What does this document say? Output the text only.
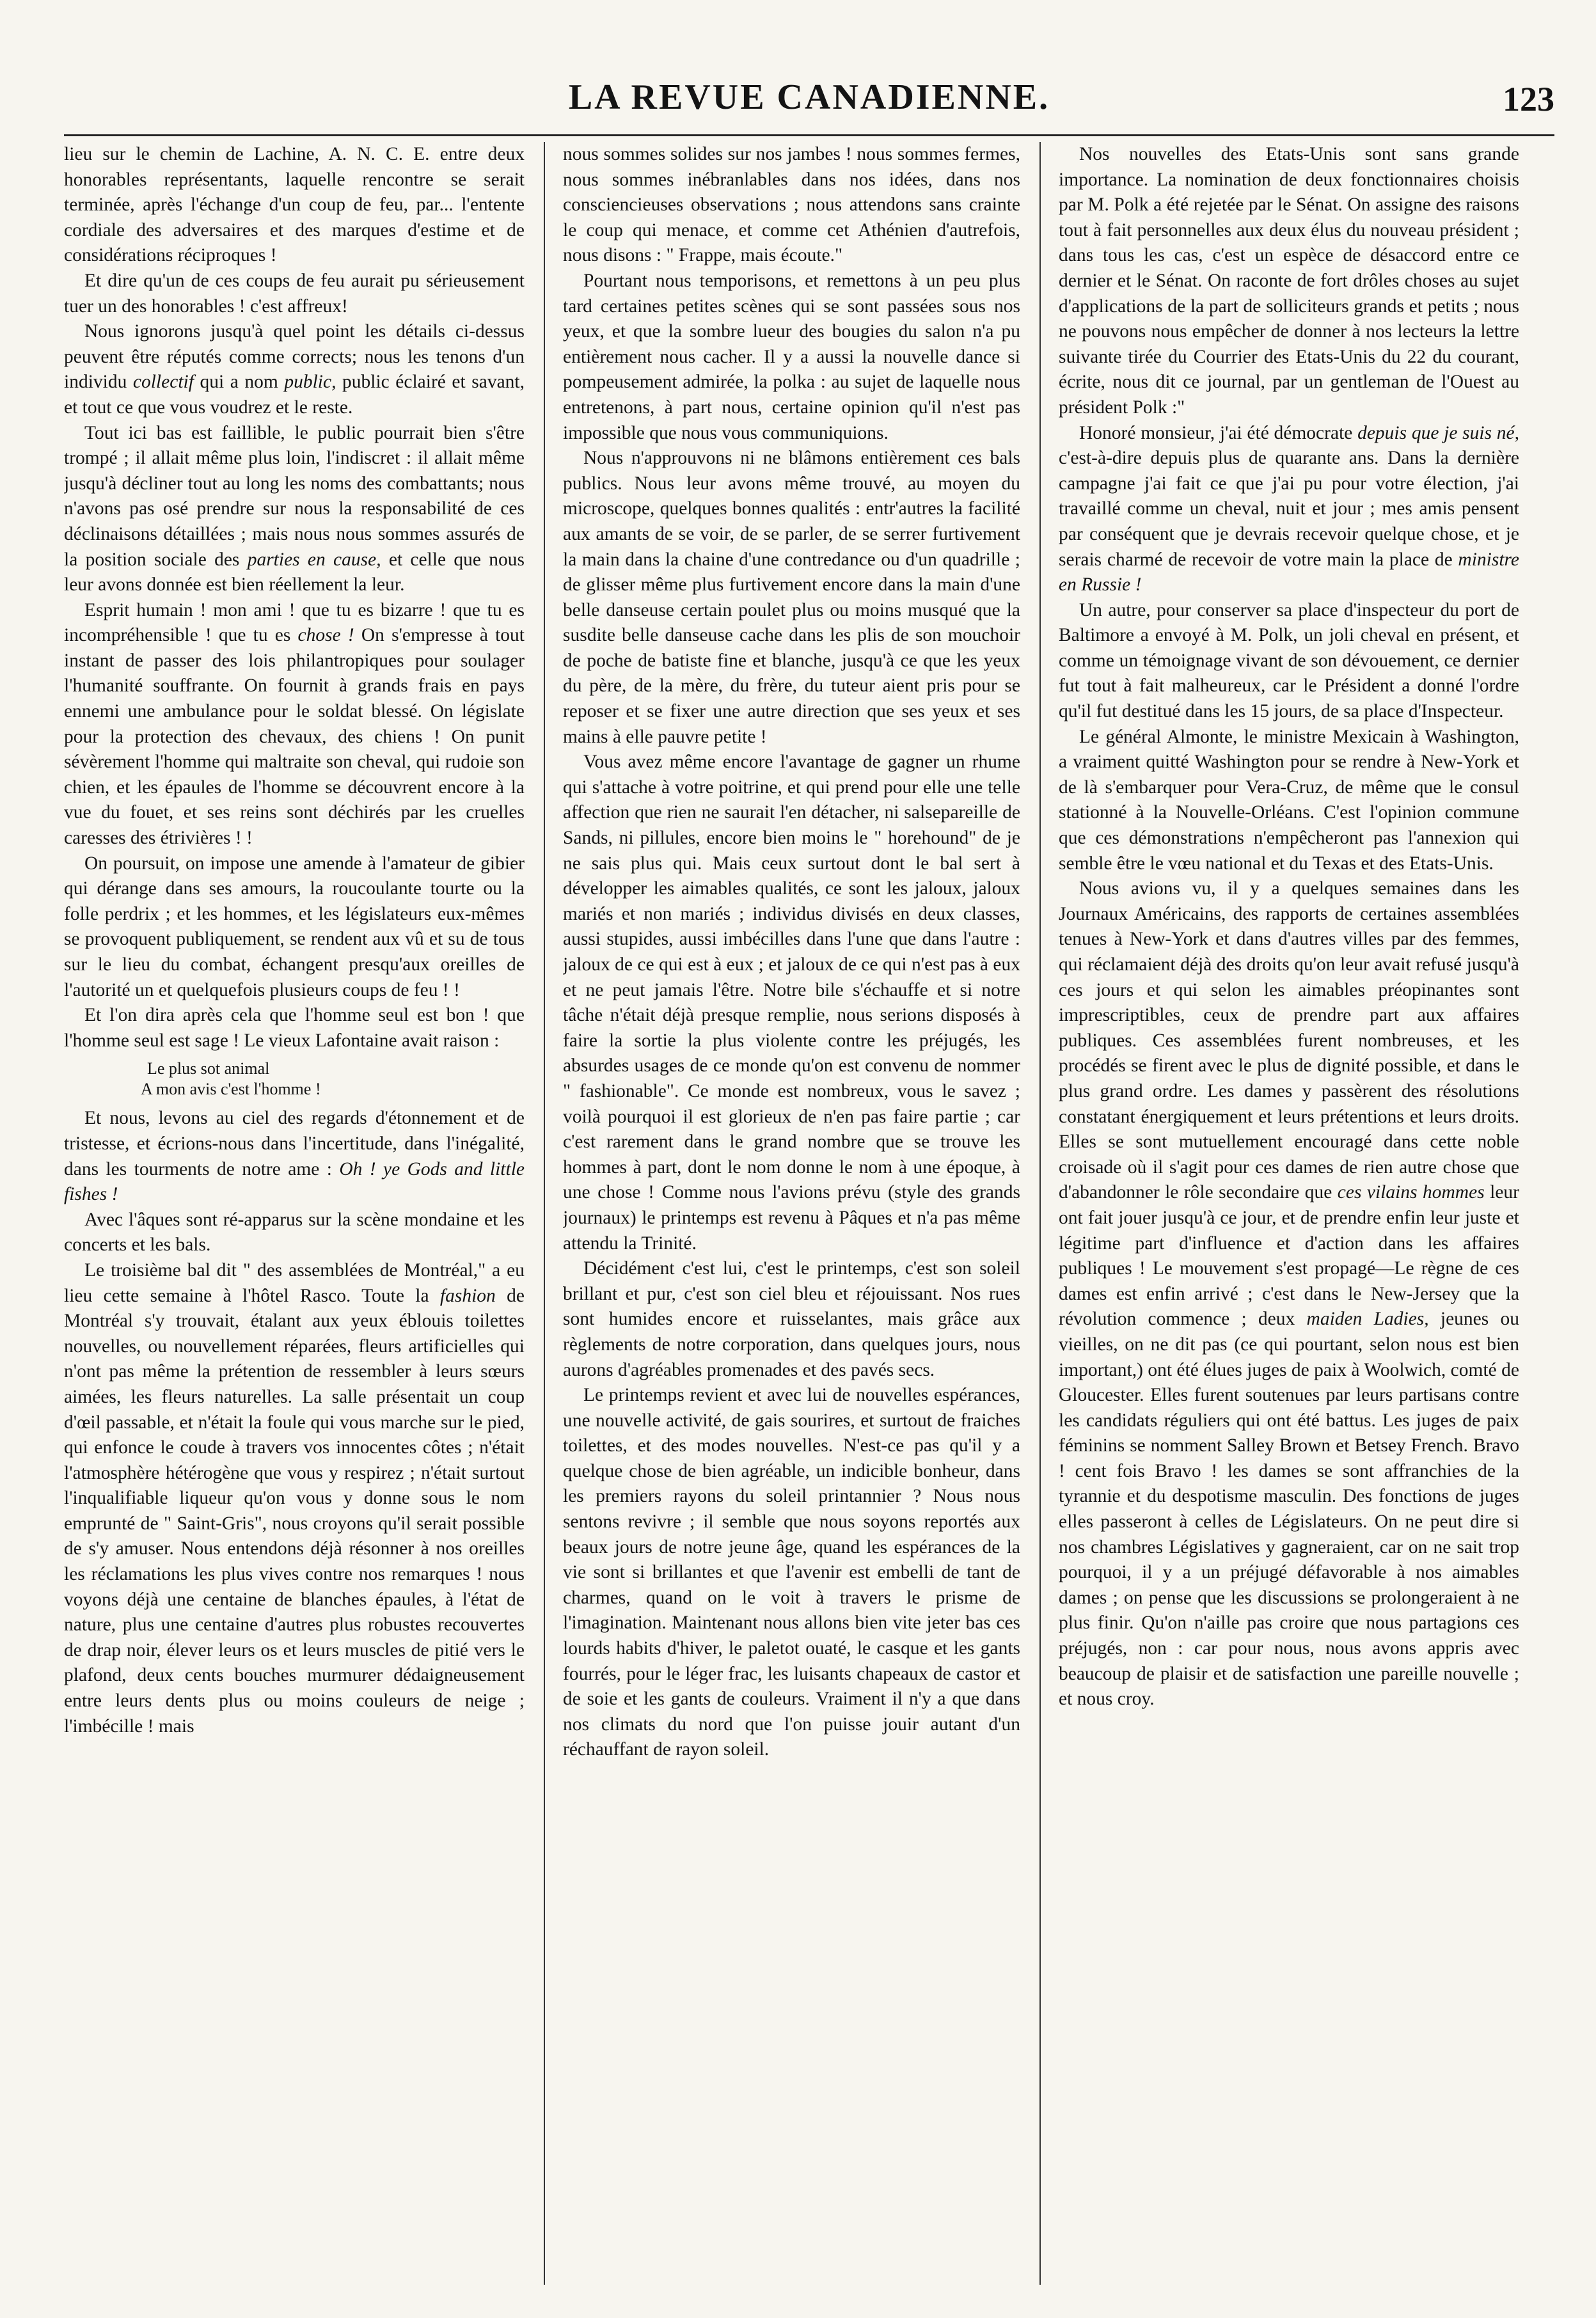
LA REVUE CANADIENNE.	123

lieu sur le chemin de Lachine, A. N. C. E. entre deux honorables représentants, laquelle rencontre se serait terminée, après l'échange d'un coup de feu, par... l'entente cordiale des adversaires et des marques d'estime et de considérations réciproques !

Et dire qu'un de ces coups de feu aurait pu sérieusement tuer un des honorables ! c'est affreux!

Nous ignorons jusqu'à quel point les détails ci-dessus peuvent être réputés comme corrects; nous les tenons d'un individu collectif qui a nom public, public éclairé et savant, et tout ce que vous voudrez et le reste.

Tout ici bas est faillible, le public pourrait bien s'être trompé ; il allait même plus loin, l'indiscret : il allait même jusqu'à décliner tout au long les noms des combattants; nous n'avons pas osé prendre sur nous la responsabilité de ces déclinaisons détaillées ; mais nous nous sommes assurés de la position sociale des parties en cause, et celle que nous leur avons donnée est bien réellement la leur.

Esprit humain ! mon ami ! que tu es bizarre ! que tu es incompréhensible ! que tu es chose ! On s'empresse à tout instant de passer des lois philantropiques pour soulager l'humanité souffrante. On fournit à grands frais en pays ennemi une ambulance pour le soldat blessé. On législate pour la protection des chevaux, des chiens ! On punit sévèrement l'homme qui maltraite son cheval, qui rudoie son chien, et les épaules de l'homme se découvrent encore à la vue du fouet, et ses reins sont déchirés par les cruelles caresses des étrivières ! !

On poursuit, on impose une amende à l'amateur de gibier qui dérange dans ses amours, la roucoulante tourte ou la folle perdrix ; et les hommes, et les législateurs eux-mêmes se provoquent publiquement, se rendent aux vû et su de tous sur le lieu du combat, échangent presqu'aux oreilles de l'autorité un et quelquefois plusieurs coups de feu ! !

Et l'on dira après cela que l'homme seul est bon ! que l'homme seul est sage ! Le vieux Lafontaine avait raison :

Le plus sot animal
A mon avis c'est l'homme !

Et nous, levons au ciel des regards d'étonnement et de tristesse, et écrions-nous dans l'incertitude, dans l'inégalité, dans les tourments de notre ame : Oh ! ye Gods and little fishes !

Avec l'âques sont ré-apparus sur la scène mondaine et les concerts et les bals.

Le troisième bal dit " des assemblées de Montréal," a eu lieu cette semaine à l'hôtel Rasco. Toute la fashion de Montréal s'y trouvait, étalant aux yeux éblouis toilettes nouvelles, ou nouvellement réparées, fleurs artificielles qui n'ont pas même la prétention de ressembler à leurs sœurs aimées, les fleurs naturelles. La salle présentait un coup d'œil passable, et n'était la foule qui vous marche sur le pied, qui enfonce le coude à travers vos innocentes côtes ; n'était l'atmosphère hétérogène que vous y respirez ; n'était surtout l'inqualifiable liqueur qu'on vous y donne sous le nom emprunté de " Saint-Gris", nous croyons qu'il serait possible de s'y amuser. Nous entendons déjà résonner à nos oreilles les réclamations les plus vives contre nos remarques ! nous voyons déjà une centaine de blanches épaules, à l'état de nature, plus une centaine d'autres plus robustes recouvertes de drap noir, élever leurs os et leurs muscles de pitié vers le plafond, deux cents bouches murmurer dédaigneusement entre leurs dents plus ou moins couleurs de neige ; l'imbécille ! mais

nous sommes solides sur nos jambes ! nous sommes fermes, nous sommes inébranlables dans nos idées, dans nos consciencieuses observations ; nous attendons sans crainte le coup qui menace, et comme cet Athénien d'autrefois, nous disons : " Frappe, mais écoute."

Pourtant nous temporisons, et remettons à un peu plus tard certaines petites scènes qui se sont passées sous nos yeux, et que la sombre lueur des bougies du salon n'a pu entièrement nous cacher. Il y a aussi la nouvelle dance si pompeusement admirée, la polka : au sujet de laquelle nous entretenons, à part nous, certaine opinion qu'il n'est pas impossible que nous vous communiquions.

Nous n'approuvons ni ne blâmons entièrement ces bals publics. Nous leur avons même trouvé, au moyen du microscope, quelques bonnes qualités : entr'autres la facilité aux amants de se voir, de se parler, de se serrer furtivement la main dans la chaine d'une contredance ou d'un quadrille ; de glisser même plus furtivement encore dans la main d'une belle danseuse certain poulet plus ou moins musqué que la susdite belle danseuse cache dans les plis de son mouchoir de poche de batiste fine et blanche, jusqu'à ce que les yeux du père, de la mère, du frère, du tuteur aient pris pour se reposer et se fixer une autre direction que ses yeux et ses mains à elle pauvre petite !

Vous avez même encore l'avantage de gagner un rhume qui s'attache à votre poitrine, et qui prend pour elle une telle affection que rien ne saurait l'en détacher, ni salsepareille de Sands, ni pillules, encore bien moins le " horehound" de je ne sais plus qui. Mais ceux surtout dont le bal sert à développer les aimables qualités, ce sont les jaloux, jaloux mariés et non mariés ; individus divisés en deux classes, aussi stupides, aussi imbécilles dans l'une que dans l'autre : jaloux de ce qui est à eux ; et jaloux de ce qui n'est pas à eux et ne peut jamais l'être. Notre bile s'échauffe et si notre tâche n'était déjà presque remplie, nous serions disposés à faire la sortie la plus violente contre les préjugés, les absurdes usages de ce monde qu'on est convenu de nommer " fashionable". Ce monde est nombreux, vous le savez ; voilà pourquoi il est glorieux de n'en pas faire partie ; car c'est rarement dans le grand nombre que se trouve les hommes à part, dont le nom donne le nom à une époque, à une chose ! Comme nous l'avions prévu (style des grands journaux) le printemps est revenu à Pâques et n'a pas même attendu la Trinité.

Décidément c'est lui, c'est le printemps, c'est son soleil brillant et pur, c'est son ciel bleu et réjouissant. Nos rues sont humides encore et ruisselantes, mais grâce aux règlements de notre corporation, dans quelques jours, nous aurons d'agréables promenades et des pavés secs.

Le printemps revient et avec lui de nouvelles espérances, une nouvelle activité, de gais sourires, et surtout de fraiches toilettes, et des modes nouvelles. N'est-ce pas qu'il y a quelque chose de bien agréable, un indicible bonheur, dans les premiers rayons du soleil printannier ? Nous nous sentons revivre ; il semble que nous soyons reportés aux beaux jours de notre jeune âge, quand les espérances de la vie sont si brillantes et que l'avenir est embelli de tant de charmes, quand on le voit à travers le prisme de l'imagination. Maintenant nous allons bien vite jeter bas ces lourds habits d'hiver, le paletot ouaté, le casque et les gants fourrés, pour le léger frac, les luisants chapeaux de castor et de soie et les gants de couleurs. Vraiment il n'y a que dans nos climats du nord que l'on puisse jouir autant d'un réchauffant de rayon soleil.

Nos nouvelles des Etats-Unis sont sans grande importance. La nomination de deux fonctionnaires choisis par M. Polk a été rejetée par le Sénat. On assigne des raisons tout à fait personnelles aux deux élus du nouveau président ; dans tous les cas, c'est un espèce de désaccord entre ce dernier et le Sénat. On raconte de fort drôles choses au sujet d'applications de la part de solliciteurs grands et petits ; nous ne pouvons nous empêcher de donner à nos lecteurs la lettre suivante tirée du Courrier des Etats-Unis du 22 du courant, écrite, nous dit ce journal, par un gentleman de l'Ouest au président Polk :"

Honoré monsieur, j'ai été démocrate depuis que je suis né, c'est-à-dire depuis plus de quarante ans. Dans la dernière campagne j'ai fait ce que j'ai pu pour votre élection, j'ai travaillé comme un cheval, nuit et jour ; mes amis pensent par conséquent que je devrais recevoir quelque chose, et je serais charmé de recevoir de votre main la place de ministre en Russie !

Un autre, pour conserver sa place d'inspecteur du port de Baltimore a envoyé à M. Polk, un joli cheval en présent, et comme un témoignage vivant de son dévouement, ce dernier fut tout à fait malheureux, car le Président a donné l'ordre qu'il fut destitué dans les 15 jours, de sa place d'Inspecteur.

Le général Almonte, le ministre Mexicain à Washington, a vraiment quitté Washington pour se rendre à New-York et de là s'embarquer pour Vera-Cruz, de même que le consul stationné à la Nouvelle-Orléans. C'est l'opinion commune que ces démonstrations n'empêcheront pas l'annexion qui semble être le vœu national et du Texas et des Etats-Unis.

Nous avions vu, il y a quelques semaines dans les Journaux Américains, des rapports de certaines assemblées tenues à New-York et dans d'autres villes par des femmes, qui réclamaient déjà des droits qu'on leur avait refusé jusqu'à ces jours et qui selon les aimables préopinantes sont imprescriptibles, ceux de prendre part aux affaires publiques. Ces assemblées furent nombreuses, et les procédés se firent avec le plus de dignité possible, et dans le plus grand ordre. Les dames y passèrent des résolutions constatant énergiquement et leurs prétentions et leurs droits. Elles se sont mutuellement encouragé dans cette noble croisade où il s'agit pour ces dames de rien autre chose que d'abandonner le rôle secondaire que ces vilains hommes leur ont fait jouer jusqu'à ce jour, et de prendre enfin leur juste et légitime part d'influence et d'action dans les affaires publiques ! Le mouvement s'est propagé—Le règne de ces dames est enfin arrivé ; c'est dans le New-Jersey que la révolution commence ; deux maiden Ladies, jeunes ou vieilles, on ne dit pas (ce qui pourtant, selon nous est bien important,) ont été élues juges de paix à Woolwich, comté de Gloucester. Elles furent soutenues par leurs partisans contre les candidats réguliers qui ont été battus. Les juges de paix féminins se nomment Salley Brown et Betsey French. Bravo ! cent fois Bravo ! les dames se sont affranchies de la tyrannie et du despotisme masculin. Des fonctions de juges elles passeront à celles de Législateurs. On ne peut dire si nos chambres Législatives y gagneraient, car on ne sait trop pourquoi, il y a un préjugé défavorable à nos aimables dames ; on pense que les discussions se prolongeraient à ne plus finir. Qu'on n'aille pas croire que nous partagions ces préjugés, non : car pour nous, nous avons appris avec beaucoup de plaisir et de satisfaction une pareille nouvelle ; et nous croy.
